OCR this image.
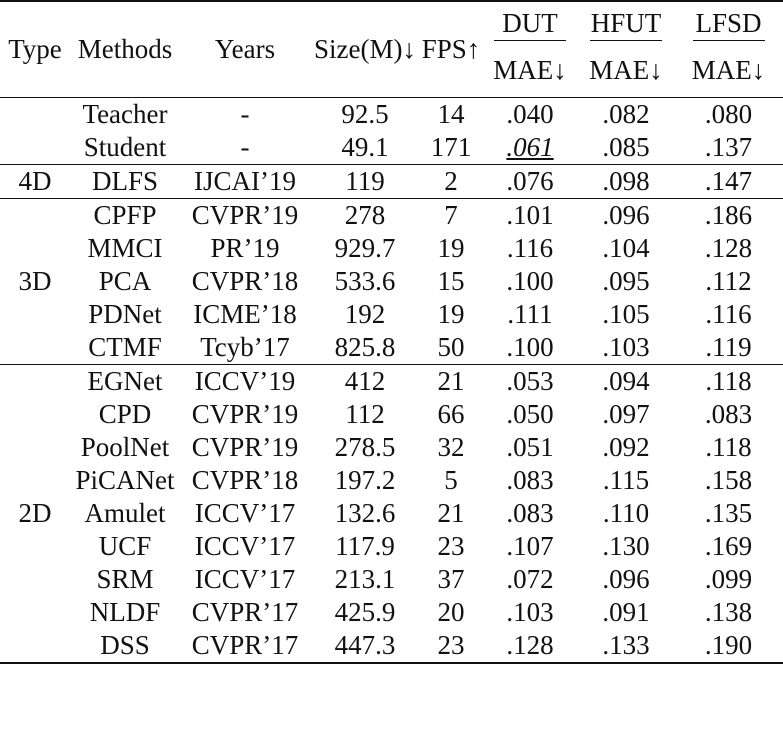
Type	Methods	Years	Size(M)↓	FPS↑	DUT	HFUT	LFSD

					MAE↓	MAE↓	MAE↓
	Teacher	-	92.5	14	.040	.082	.080
	Student	-	49.1	171	.061	.085	.137
4D	DLFS	IJCAI’19	119	2	.076	.098	.147
3D	CPFP	CVPR’19	278	7	.101	.096	.186
	MMCI	PR’19	929.7	19	.116	.104	.128
	PCA	CVPR’18	533.6	15	.100	.095	.112
	PDNet	ICME’18	192	19	.111	.105	.116
	CTMF	Tcyb’17	825.8	50	.100	.103	.119
2D	EGNet	ICCV’19	412	21	.053	.094	.118
	CPD	CVPR’19	112	66	.050	.097	.083
	PoolNet	CVPR’19	278.5	32	.051	.092	.118
	PiCANet	CVPR’18	197.2	5	.083	.115	.158
	Amulet	ICCV’17	132.6	21	.083	.110	.135
	UCF	ICCV’17	117.9	23	.107	.130	.169
	SRM	ICCV’17	213.1	37	.072	.096	.099
	NLDF	CVPR’17	425.9	20	.103	.091	.138
	DSS	CVPR’17	447.3	23	.128	.133	.190
